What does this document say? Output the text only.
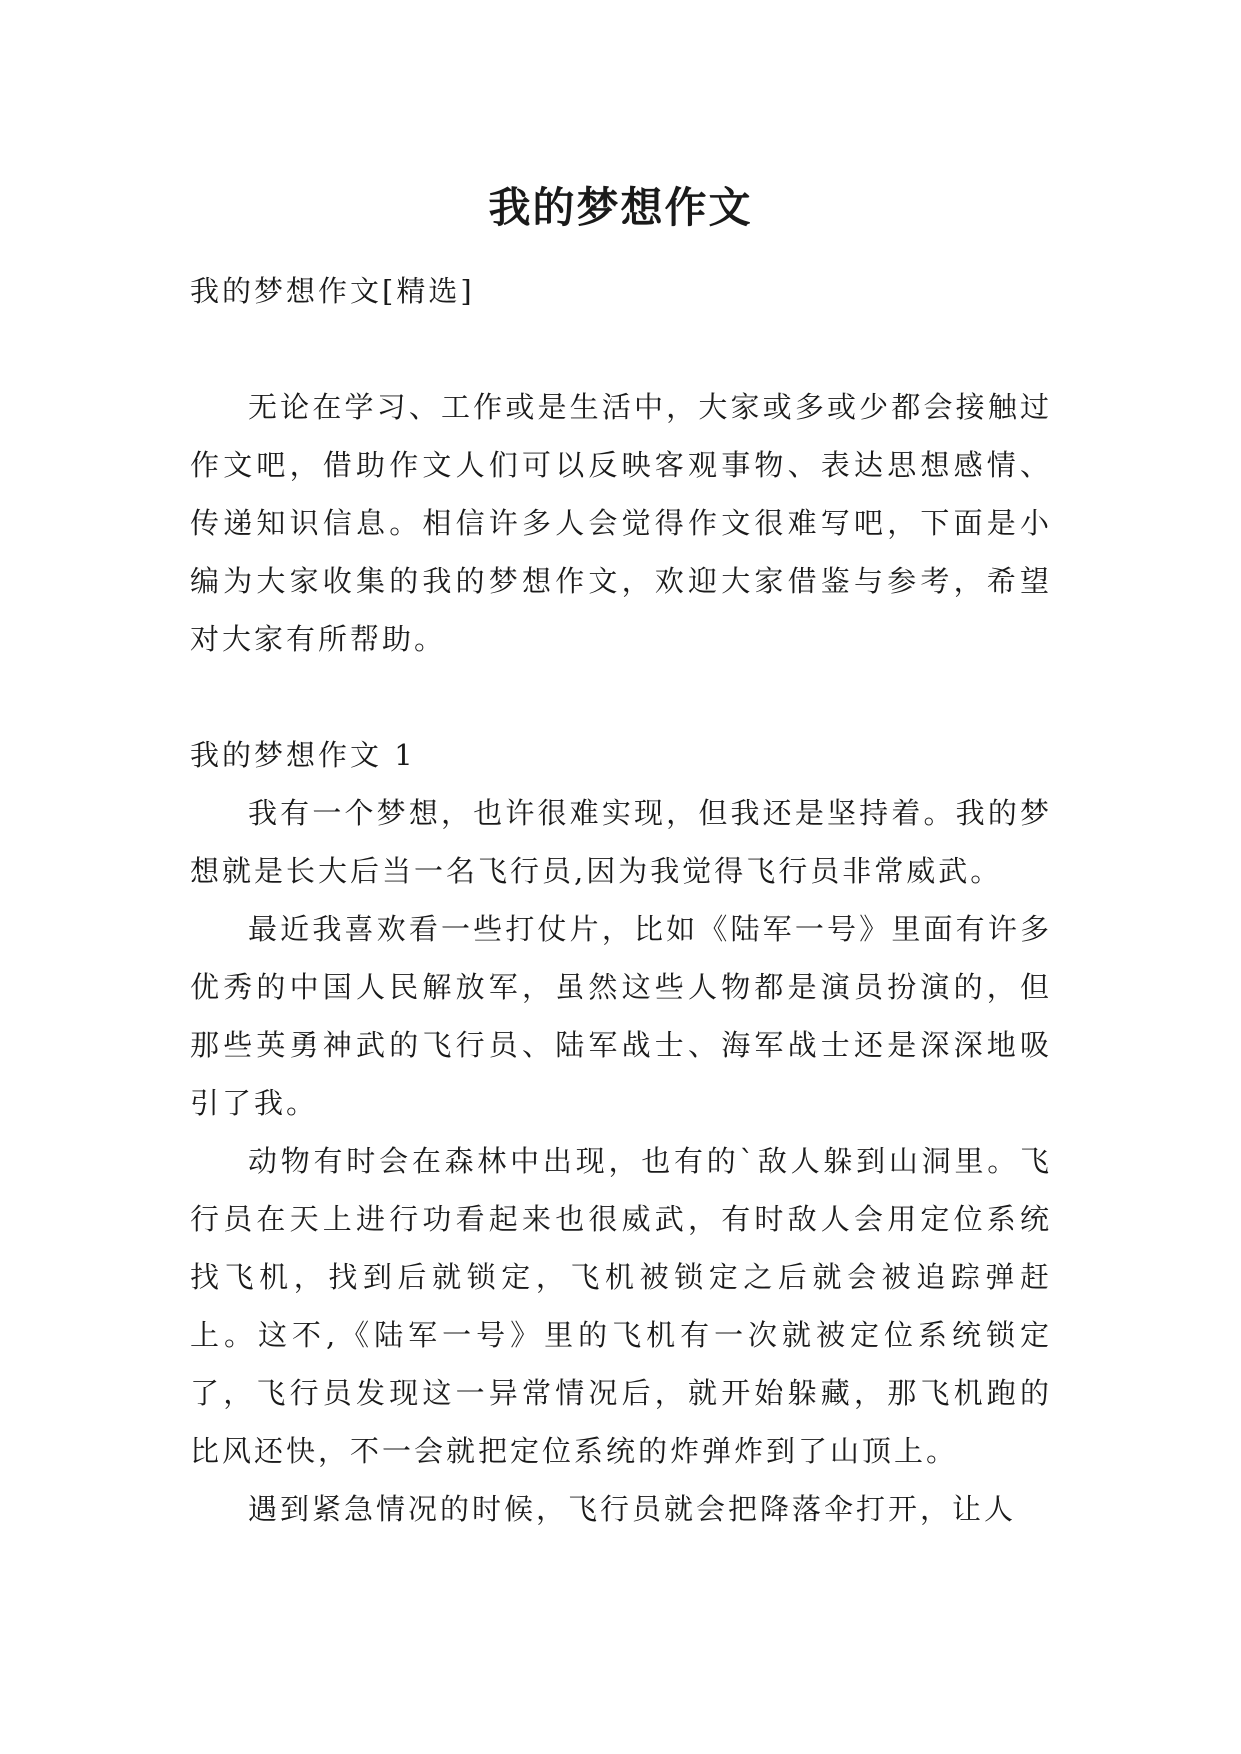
我的梦想作文

我的梦想作文[精选]

无论在学习、工作或是生活中，大家或多或少都会接触过作文吧，借助作文人们可以反映客观事物、表达思想感情、传递知识信息。相信许多人会觉得作文很难写吧，下面是小编为大家收集的我的梦想作文，欢迎大家借鉴与参考，希望对大家有所帮助。

我的梦想作文 1

我有一个梦想，也许很难实现，但我还是坚持着。我的梦想就是长大后当一名飞行员,因为我觉得飞行员非常威武。

最近我喜欢看一些打仗片，比如《陆军一号》里面有许多优秀的中国人民解放军，虽然这些人物都是演员扮演的，但那些英勇神武的飞行员、陆军战士、海军战士还是深深地吸引了我。

动物有时会在森林中出现，也有的`敌人躲到山洞里。飞行员在天上进行功看起来也很威武，有时敌人会用定位系统找飞机，找到后就锁定，飞机被锁定之后就会被追踪弹赶上。这不,《陆军一号》里的飞机有一次就被定位系统锁定了，飞行员发现这一异常情况后，就开始躲藏，那飞机跑的比风还快，不一会就把定位系统的炸弹炸到了山顶上。

遇到紧急情况的时候，飞行员就会把降落伞打开，让人
